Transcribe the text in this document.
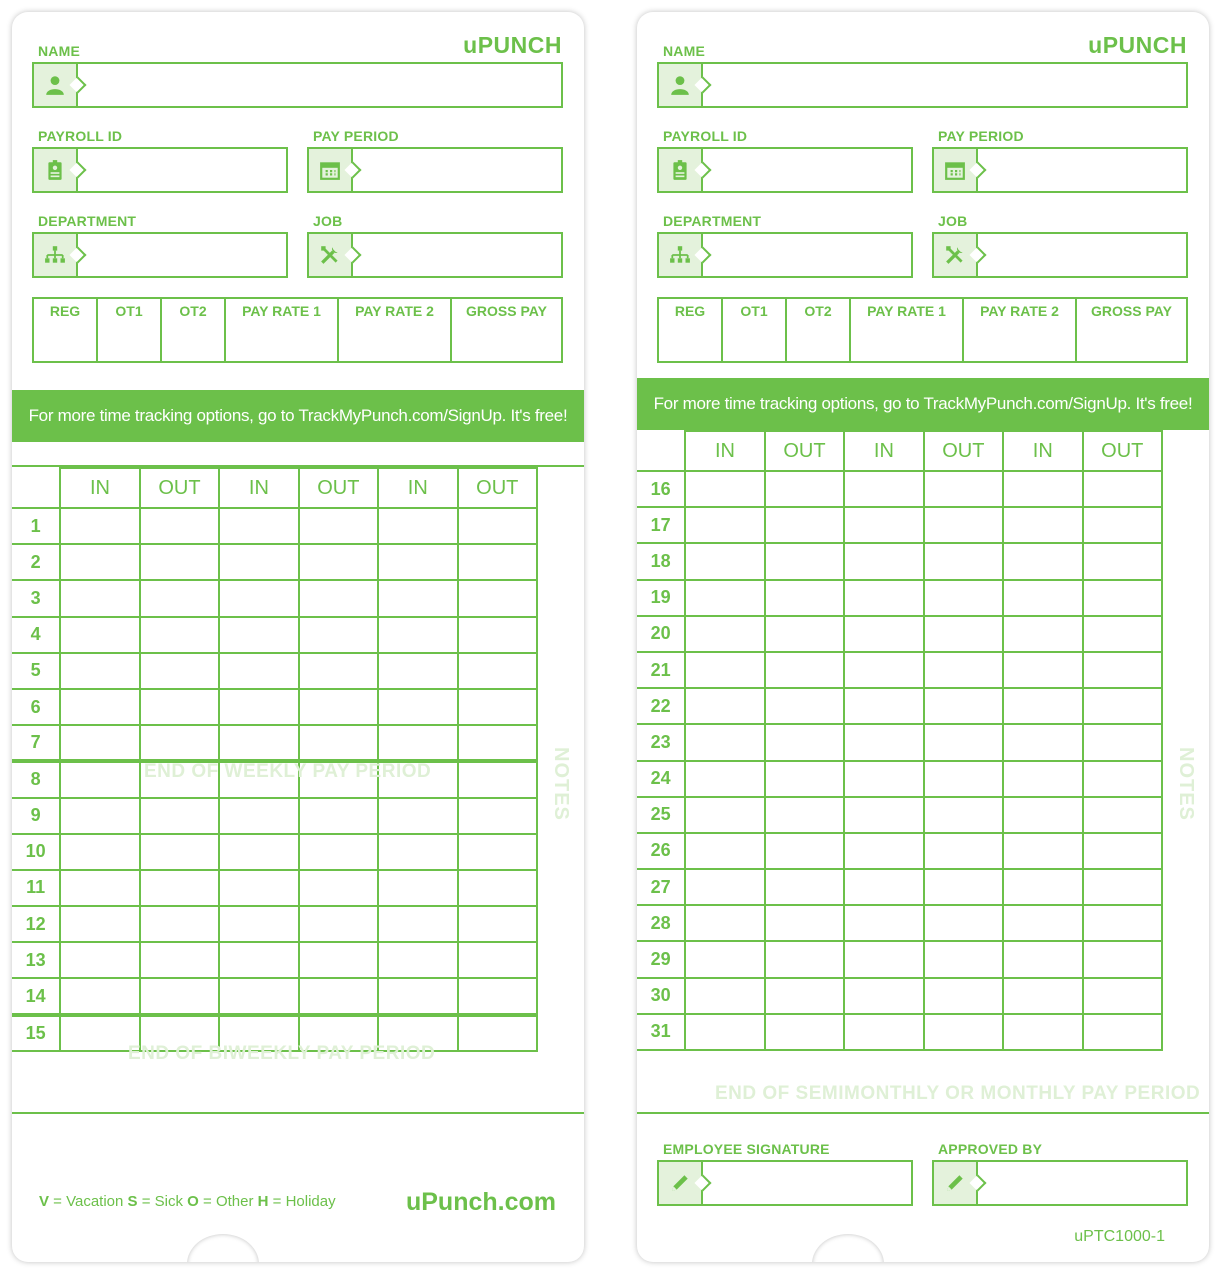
uPUNCH
NAME
PAYROLL ID	PAY PERIOD
DEPARTMENT	JOB
REG	OT1	OT2	PAY RATE 1	PAY RATE 2	GROSS PAY
For more time tracking options, go to TrackMyPunch.com/SignUp. It's free!
	IN	OUT	IN	OUT	IN	OUT
1						
2						
3						
4						
5						
6						
7						
8						
9						
10						
11						
12						
13						
14						
15						
NOTES
END OF WEEKLY PAY PERIOD
END OF BIWEEKLY PAY PERIOD
V = Vacation S = Sick O = Other H = Holiday	uPunch.com
uPUNCH
NAME
PAYROLL ID	PAY PERIOD
DEPARTMENT	JOB
REG	OT1	OT2	PAY RATE 1	PAY RATE 2	GROSS PAY
For more time tracking options, go to TrackMyPunch.com/SignUp. It's free!
	IN	OUT	IN	OUT	IN	OUT
16						
17						
18						
19						
20						
21						
22						
23						
24						
25						
26						
27						
28						
29						
30						
31						
NOTES
END OF SEMIMONTHLY OR MONTHLY PAY PERIOD
EMPLOYEE SIGNATURE	APPROVED BY
uPTC1000-1
